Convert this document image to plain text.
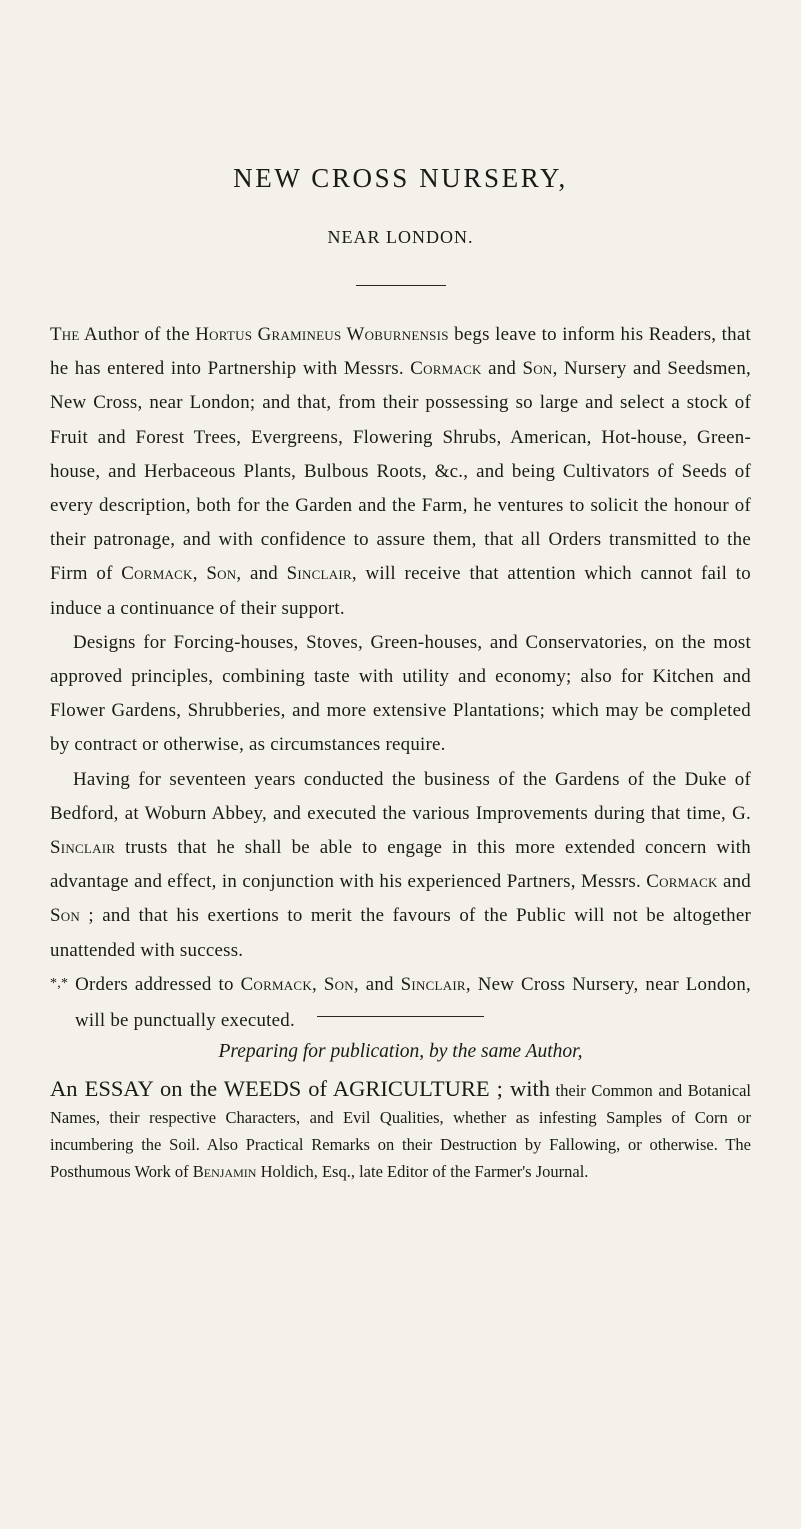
NEW CROSS NURSERY,
NEAR LONDON.

The Author of the Hortus Gramineus Woburnensis begs leave to inform his Readers, that he has entered into Partnership with Messrs. Cormack and Son, Nursery and Seedsmen, New Cross, near London; and that, from their possessing so large and select a stock of Fruit and Forest Trees, Evergreens, Flowering Shrubs, American, Hot-house, Green-house, and Herbaceous Plants, Bulbous Roots, &c., and being Cultivators of Seeds of every description, both for the Garden and the Farm, he ventures to solicit the honour of their patronage, and with confidence to assure them, that all Orders transmitted to the Firm of Cormack, Son, and Sinclair, will receive that attention which cannot fail to induce a continuance of their support.

Designs for Forcing-houses, Stoves, Green-houses, and Conservatories, on the most approved principles, combining taste with utility and economy; also for Kitchen and Flower Gardens, Shrubberies, and more extensive Plantations; which may be completed by contract or otherwise, as circumstances require.

Having for seventeen years conducted the business of the Gardens of the Duke of Bedford, at Woburn Abbey, and executed the various Improvements during that time, G. Sinclair trusts that he shall be able to engage in this more extended concern with advantage and effect, in conjunction with his experienced Partners, Messrs. Cormack and Son ; and that his exertions to merit the favours of the Public will not be altogether unattended with success.

*,* Orders addressed to Cormack, Son, and Sinclair, New Cross Nursery, near London, will be punctually executed.

Preparing for publication, by the same Author,
An ESSAY on the WEEDS of AGRICULTURE ; with their Common and Botanical Names, their respective Characters, and Evil Qualities, whether as infesting Samples of Corn or incumbering the Soil. Also Practical Remarks on their Destruction by Fallowing, or otherwise. The Posthumous Work of Benjamin Holdich, Esq., late Editor of the Farmer's Journal.
